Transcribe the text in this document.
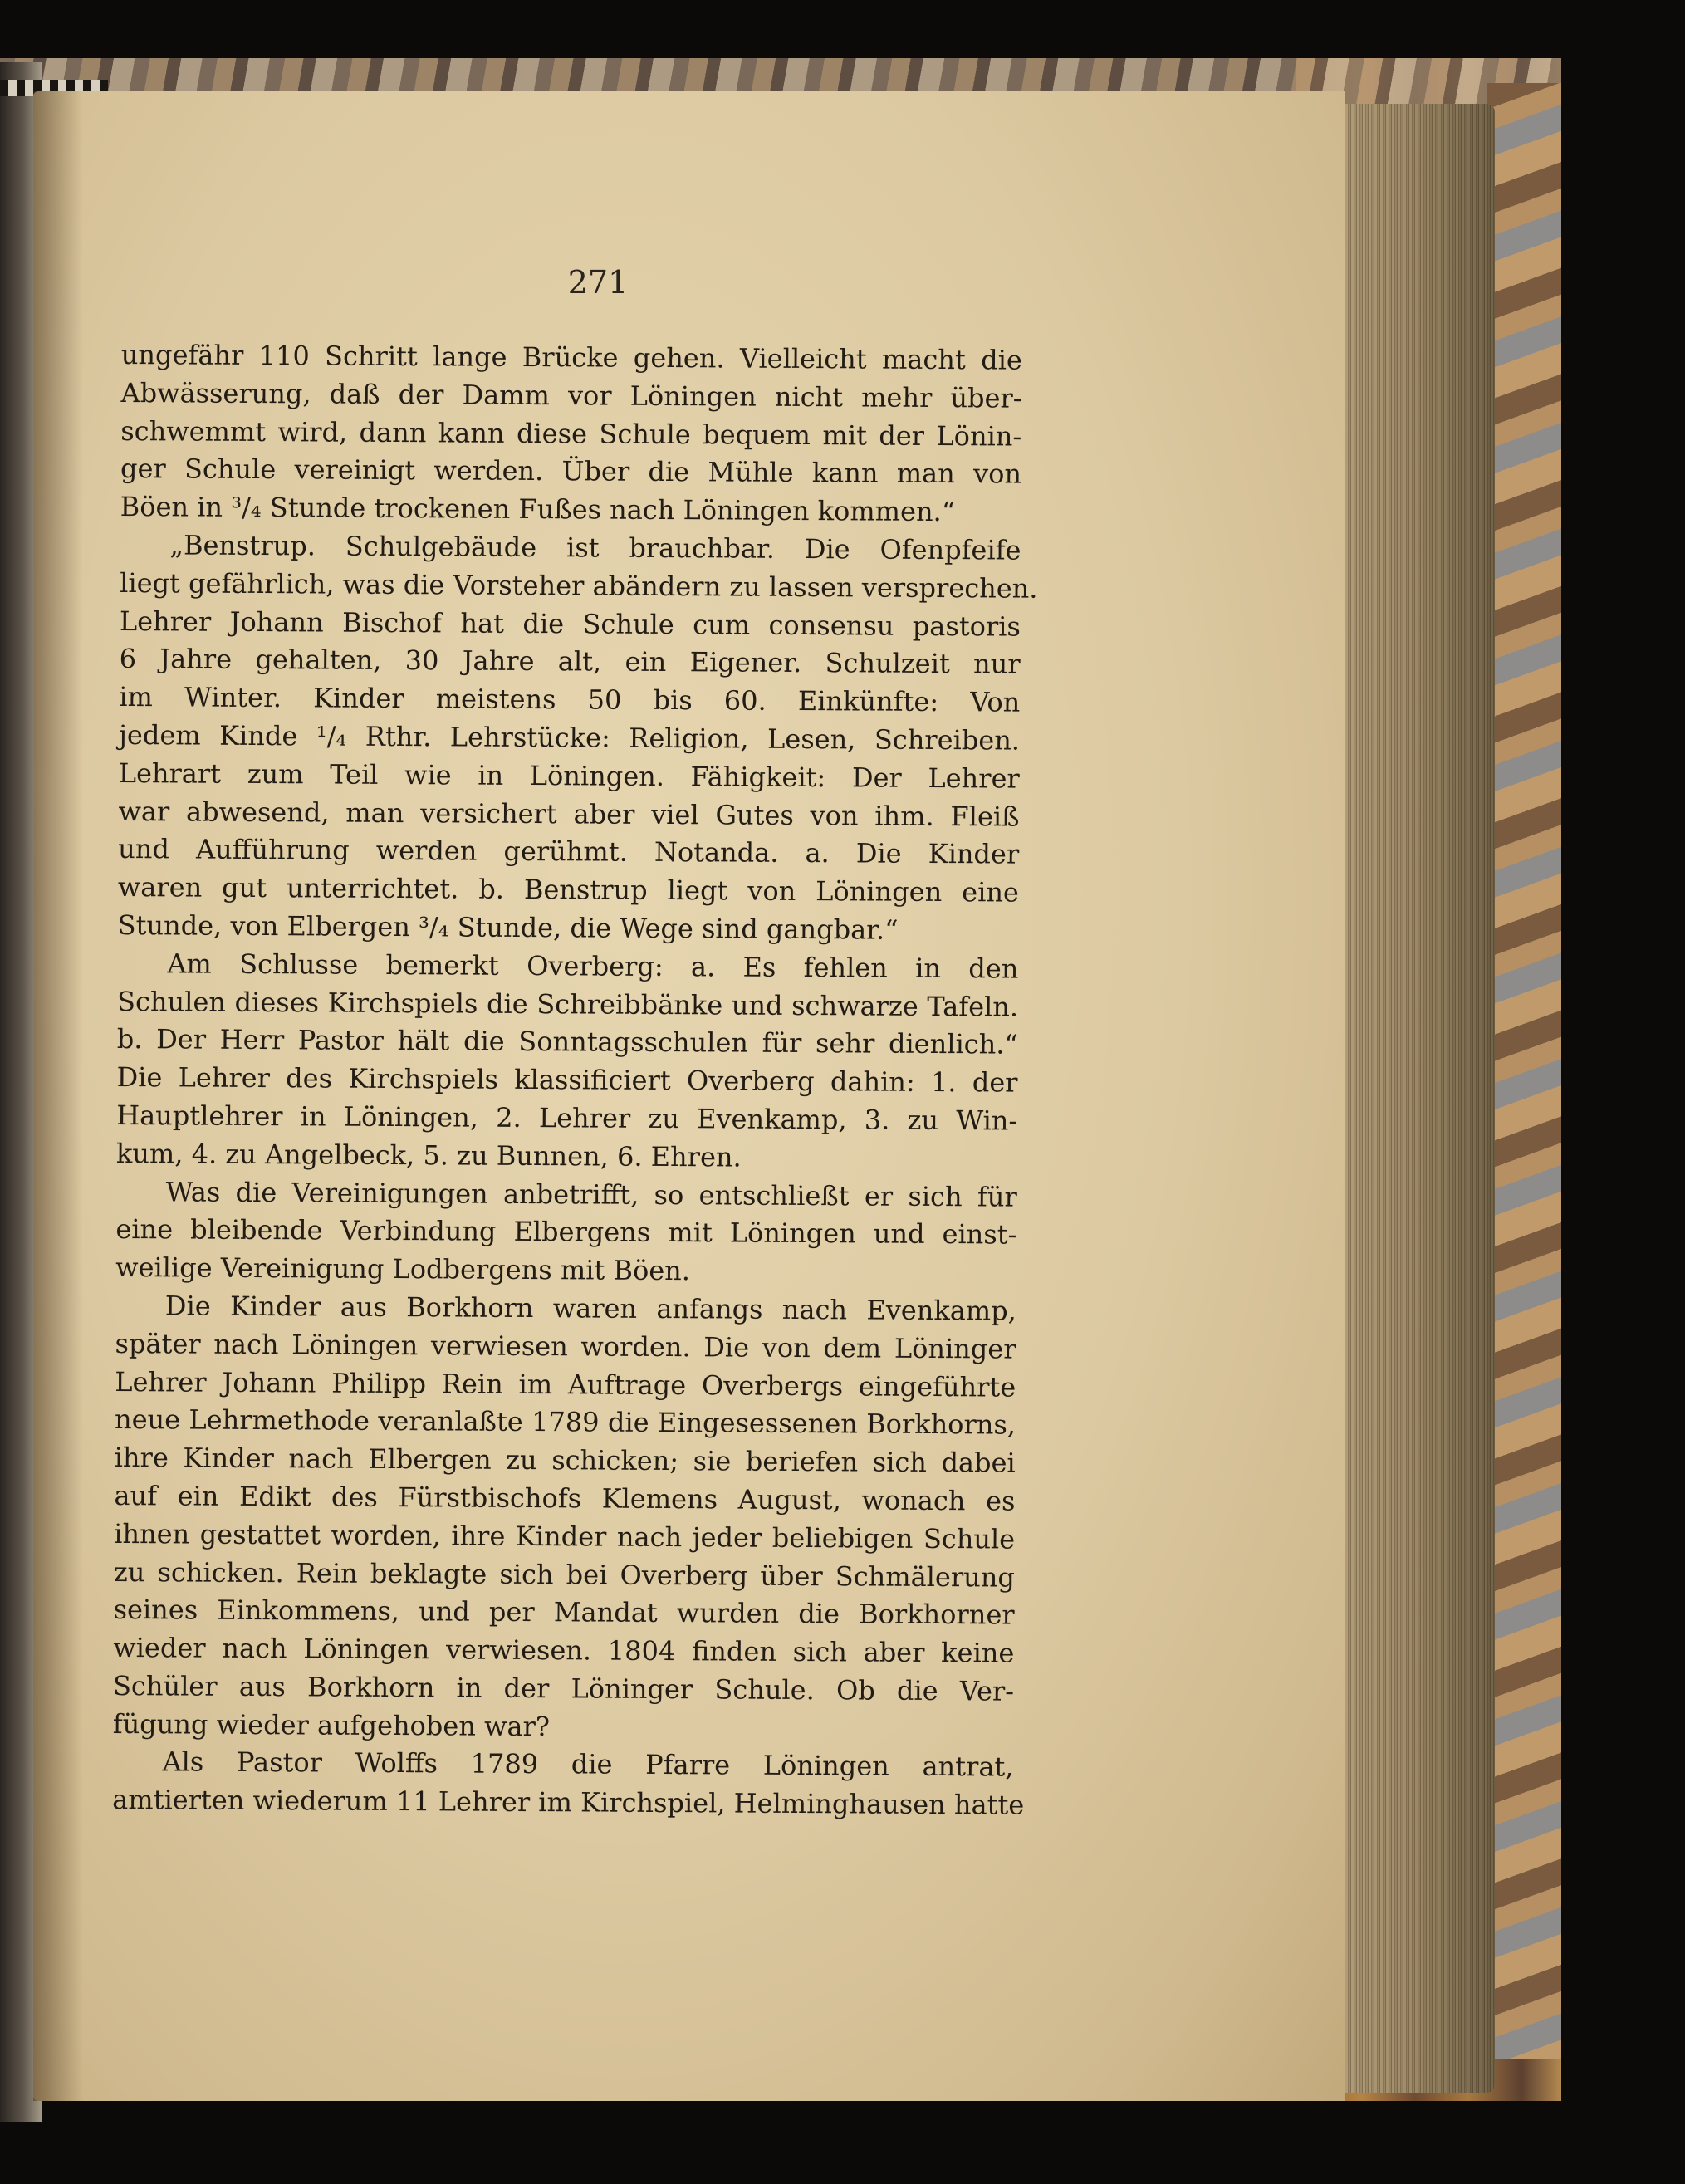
271
ungefähr 110 Schritt lange Brücke gehen. Vielleicht macht die
Abwässerung, daß der Damm vor Löningen nicht mehr über-
schwemmt wird, dann kann diese Schule bequem mit der Lönin-
ger Schule vereinigt werden. Über die Mühle kann man von
Böen in ³/₄ Stunde trockenen Fußes nach Löningen kommen.“
„Benstrup. Schulgebäude ist brauchbar. Die Ofenpfeife
liegt gefährlich, was die Vorsteher abändern zu lassen versprechen.
Lehrer Johann Bischof hat die Schule cum consensu pastoris
6 Jahre gehalten, 30 Jahre alt, ein Eigener. Schulzeit nur
im Winter. Kinder meistens 50 bis 60. Einkünfte: Von
jedem Kinde ¹/₄ Rthr. Lehrstücke: Religion, Lesen, Schreiben.
Lehrart zum Teil wie in Löningen. Fähigkeit: Der Lehrer
war abwesend, man versichert aber viel Gutes von ihm. Fleiß
und Aufführung werden gerühmt. Notanda. a. Die Kinder
waren gut unterrichtet. b. Benstrup liegt von Löningen eine
Stunde, von Elbergen ³/₄ Stunde, die Wege sind gangbar.“
Am Schlusse bemerkt Overberg: a. Es fehlen in den
Schulen dieses Kirchspiels die Schreibbänke und schwarze Tafeln.
b. Der Herr Pastor hält die Sonntagsschulen für sehr dienlich.“
Die Lehrer des Kirchspiels klassificiert Overberg dahin: 1. der
Hauptlehrer in Löningen, 2. Lehrer zu Evenkamp, 3. zu Win-
kum, 4. zu Angelbeck, 5. zu Bunnen, 6. Ehren.
Was die Vereinigungen anbetrifft, so entschließt er sich für
eine bleibende Verbindung Elbergens mit Löningen und einst-
weilige Vereinigung Lodbergens mit Böen.
Die Kinder aus Borkhorn waren anfangs nach Evenkamp,
später nach Löningen verwiesen worden. Die von dem Löninger
Lehrer Johann Philipp Rein im Auftrage Overbergs eingeführte
neue Lehrmethode veranlaßte 1789 die Eingesessenen Borkhorns,
ihre Kinder nach Elbergen zu schicken; sie beriefen sich dabei
auf ein Edikt des Fürstbischofs Klemens August, wonach es
ihnen gestattet worden, ihre Kinder nach jeder beliebigen Schule
zu schicken. Rein beklagte sich bei Overberg über Schmälerung
seines Einkommens, und per Mandat wurden die Borkhorner
wieder nach Löningen verwiesen. 1804 finden sich aber keine
Schüler aus Borkhorn in der Löninger Schule. Ob die Ver-
fügung wieder aufgehoben war?
Als Pastor Wolffs 1789 die Pfarre Löningen antrat,
amtierten wiederum 11 Lehrer im Kirchspiel, Helminghausen hatte
